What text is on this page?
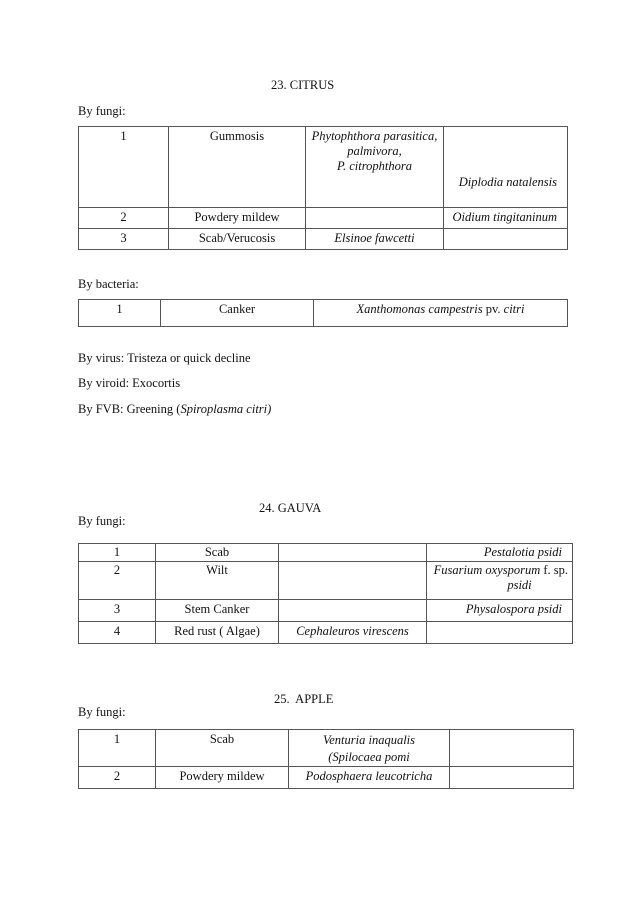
23. CITRUS
By fungi:
1	Gummosis	Phytophthora parasitica,
palmivora,
P. citrophthora	Diplodia natalensis

2	Powdery mildew		Oidium tingitaninum

3	Scab/Verucosis	Elsinoe fawcetti	

By bacteria:
1	Canker	Xanthomonas campestris pv. citri
By virus: Tristeza or quick decline
By viroid: Exocortis
By FVB: Greening (Spiroplasma citri)
24. GAUVA
By fungi:
1	Scab		Pestalotia psidi

2	Wilt		Fusarium oxysporum f. sp.

psidi

3	Stem Canker		Physalospora psidi

4	Red rust ( Algae)	Cephaleuros virescens	

25.  APPLE
By fungi:
1	Scab	Venturia inaqualis
(Spilocaea pomi	

2	Powdery mildew	Podosphaera leucotricha	
